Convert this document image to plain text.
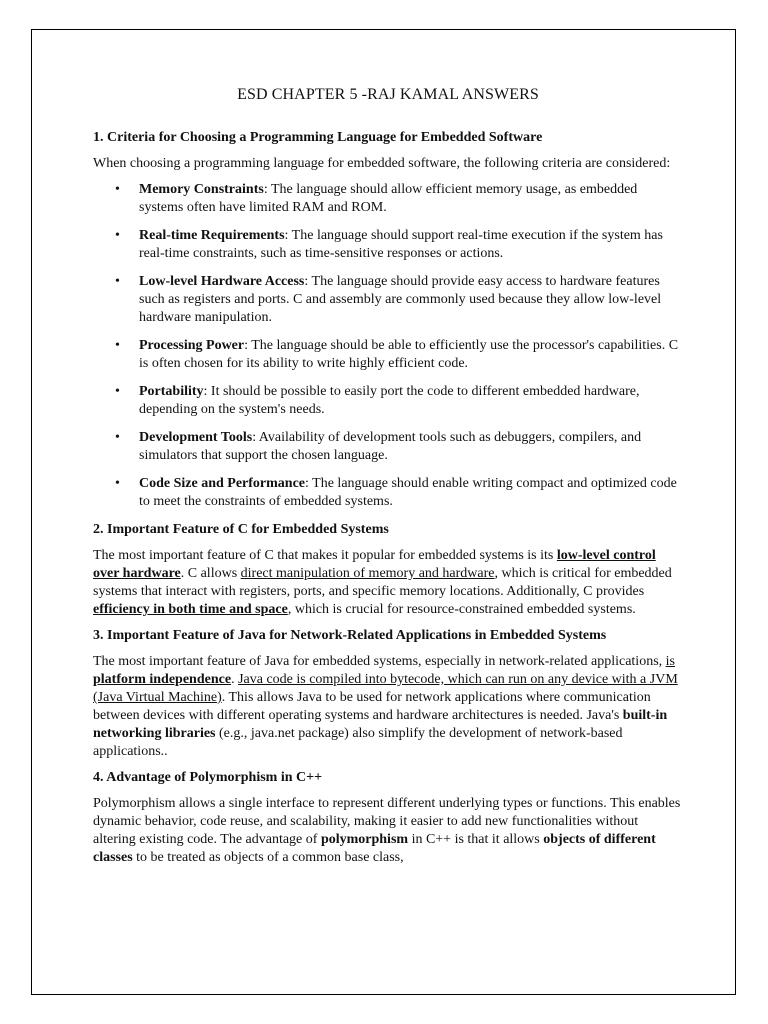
ESD CHAPTER 5 -RAJ KAMAL ANSWERS
1. Criteria for Choosing a Programming Language for Embedded Software

When choosing a programming language for embedded software, the following criteria are considered:

• Memory Constraints: The language should allow efficient memory usage, as embedded systems often have limited RAM and ROM.
• Real-time Requirements: The language should support real-time execution if the system has real-time constraints, such as time-sensitive responses or actions.
• Low-level Hardware Access: The language should provide easy access to hardware features such as registers and ports. C and assembly are commonly used because they allow low-level hardware manipulation.
• Processing Power: The language should be able to efficiently use the processor's capabilities. C is often chosen for its ability to write highly efficient code.
• Portability: It should be possible to easily port the code to different embedded hardware, depending on the system's needs.
• Development Tools: Availability of development tools such as debuggers, compilers, and simulators that support the chosen language.
• Code Size and Performance: The language should enable writing compact and optimized code to meet the constraints of embedded systems.
2. Important Feature of C for Embedded Systems

The most important feature of C that makes it popular for embedded systems is its low-level control over hardware. C allows direct manipulation of memory and hardware, which is critical for embedded systems that interact with registers, ports, and specific memory locations. Additionally, C provides efficiency in both time and space, which is crucial for resource-constrained embedded systems.

3. Important Feature of Java for Network-Related Applications in Embedded Systems

The most important feature of Java for embedded systems, especially in network-related applications, is platform independence. Java code is compiled into bytecode, which can run on any device with a JVM (Java Virtual Machine). This allows Java to be used for network applications where communication between devices with different operating systems and hardware architectures is needed. Java's built-in networking libraries (e.g., java.net package) also simplify the development of network-based applications..

4. Advantage of Polymorphism in C++

Polymorphism allows a single interface to represent different underlying types or functions. This enables dynamic behavior, code reuse, and scalability, making it easier to add new functionalities without altering existing code. The advantage of polymorphism in C++ is that it allows objects of different classes to be treated as objects of a common base class,
